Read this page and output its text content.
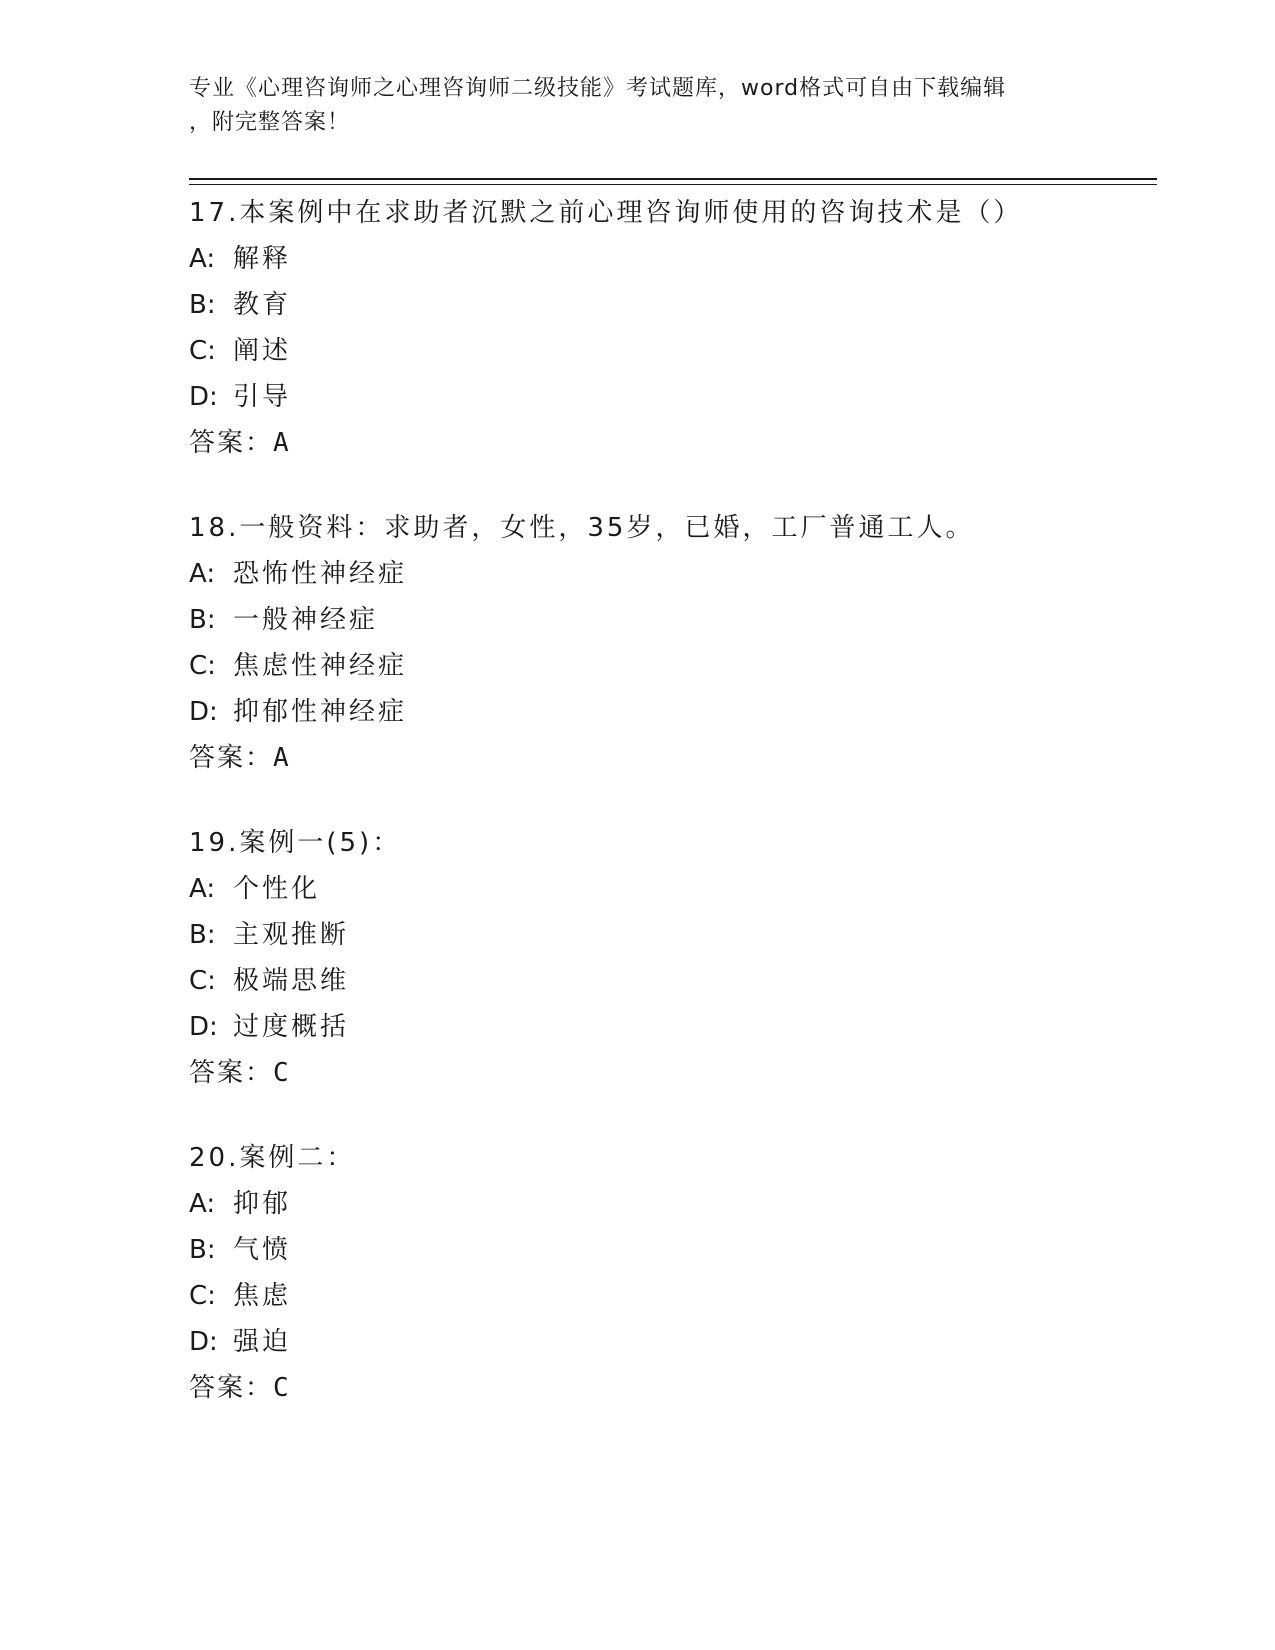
专业《心理咨询师之心理咨询师二级技能》考试题库，word格式可自由下载编辑
，附完整答案！
17.本案例中在求助者沉默之前心理咨询师使用的咨询技术是（）
A: 解释
B: 教育
C: 阐述
D: 引导
答案：A
18.一般资料：求助者，女性，35岁，已婚，工厂普通工人。
A: 恐怖性神经症
B: 一般神经症
C: 焦虑性神经症
D: 抑郁性神经症
答案：A
19.案例一(5)：
A: 个性化
B: 主观推断
C: 极端思维
D: 过度概括
答案：C
20.案例二：
A: 抑郁
B: 气愤
C: 焦虑
D: 强迫
答案：C
